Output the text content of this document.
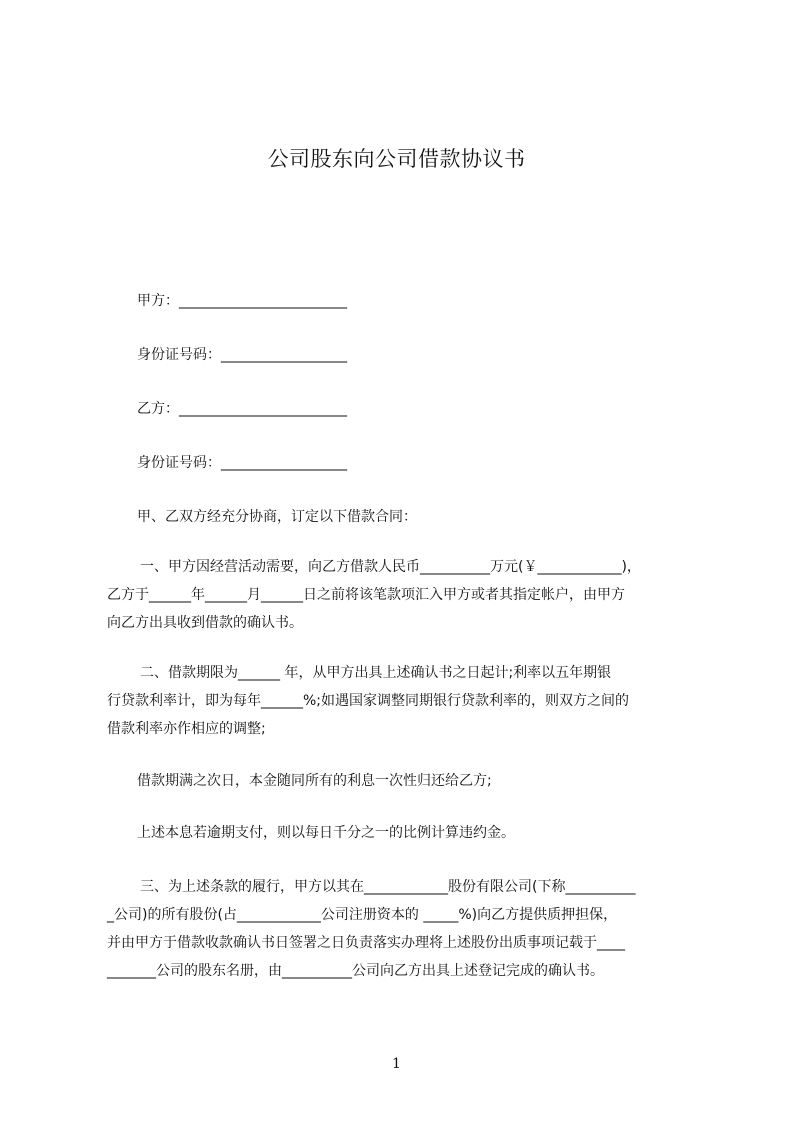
公司股东向公司借款协议书
甲方：________________________
身份证号码：__________________
乙方：________________________
身份证号码：__________________
甲、乙双方经充分协商，订定以下借款合同：
一、甲方因经营活动需要，向乙方借款人民币__________万元(￥____________)，
乙方于______年______月______日之前将该笔款项汇入甲方或者其指定帐户，由甲方
向乙方出具收到借款的确认书。
二、借款期限为______ 年，从甲方出具上述确认书之日起计;利率以五年期银
行贷款利率计，即为每年______%;如遇国家调整同期银行贷款利率的，则双方之间的
借款利率亦作相应的调整;
借款期满之次日，本金随同所有的利息一次性归还给乙方;
上述本息若逾期支付，则以每日千分之一的比例计算违约金。
三、为上述条款的履行，甲方以其在____________股份有限公司(下称__________
_公司)的所有股份(占____________公司注册资本的 _____%)向乙方提供质押担保，
并由甲方于借款收款确认书日签署之日负责落实办理将上述股份出质事项记载于____
_______公司的股东名册，由__________公司向乙方出具上述登记完成的确认书。
1
